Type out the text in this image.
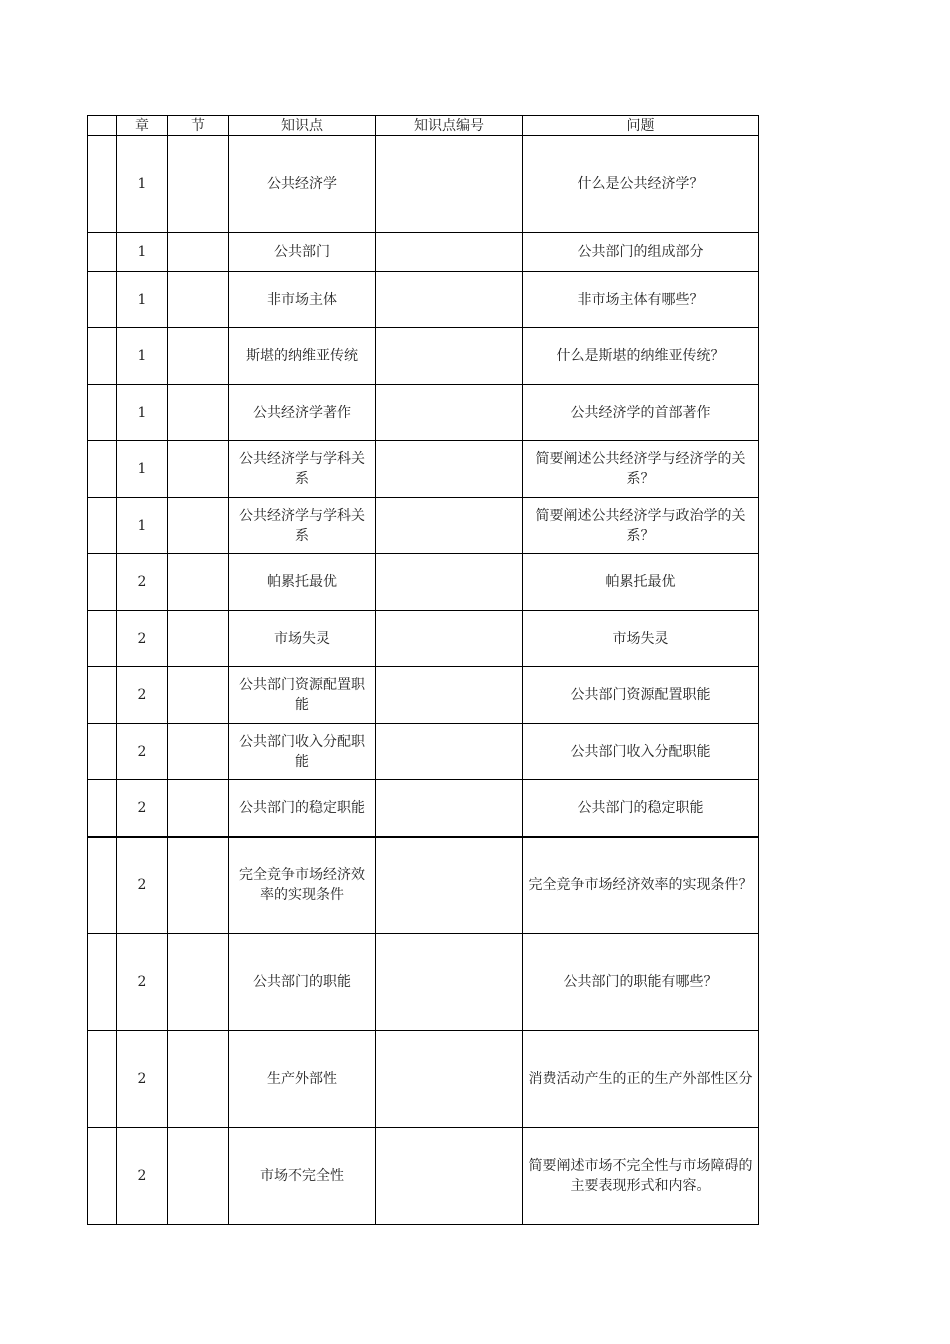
	章	节	知识点	知识点编号	问题
	1		公共经济学		什么是公共经济学？
	1		公共部门		公共部门的组成部分
	1		非市场主体		非市场主体有哪些？
	1		斯堪的纳维亚传统		什么是斯堪的纳维亚传统？
	1		公共经济学著作		公共经济学的首部著作
	1		公共经济学与学科关系		简要阐述公共经济学与经济学的关系？
	1		公共经济学与学科关系		简要阐述公共经济学与政治学的关系？
	2		帕累托最优		帕累托最优
	2		市场失灵		市场失灵
	2		公共部门资源配置职能		公共部门资源配置职能
	2		公共部门收入分配职能		公共部门收入分配职能
	2		公共部门的稳定职能		公共部门的稳定职能
	2		完全竞争市场经济效率的实现条件		完全竞争市场经济效率的实现条件？
	2		公共部门的职能		公共部门的职能有哪些？
	2		生产外部性		消费活动产生的正的生产外部性区分
	2		市场不完全性		简要阐述市场不完全性与市场障碍的主要表现形式和内容。
